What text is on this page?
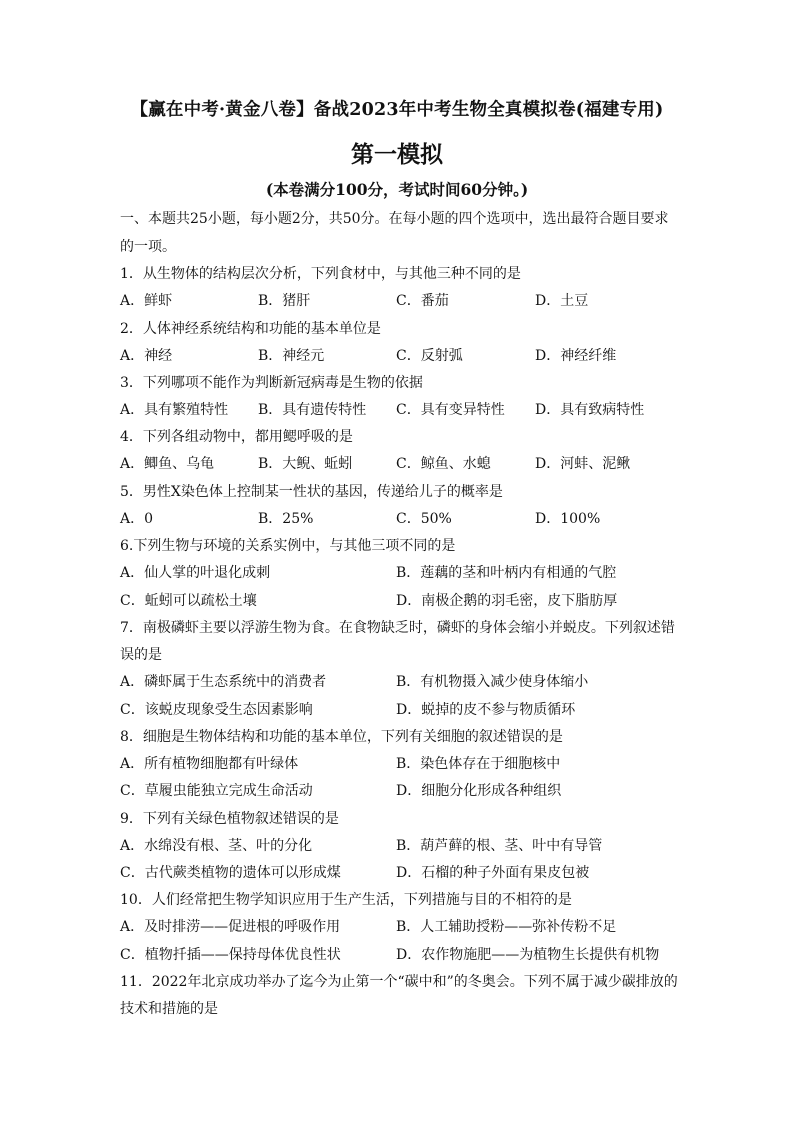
【赢在中考·黄金八卷】备战2023年中考生物全真模拟卷(福建专用)
第一模拟
(本卷满分100分，考试时间60分钟。)
一、本题共25小题，每小题2分，共50分。在每小题的四个选项中，选出最符合题目要求
的一项。
1．从生物体的结构层次分析，下列食材中，与其他三种不同的是
A．鲜虾	B．猪肝	C．番茄	D．土豆
2．人体神经系统结构和功能的基本单位是
A．神经	B．神经元	C．反射弧	D．神经纤维
3．下列哪项不能作为判断新冠病毒是生物的依据
A．具有繁殖特性 B．具有遗传特性 C．具有变异特性 D．具有致病特性
4．下列各组动物中，都用鳃呼吸的是
A．鲫鱼、乌龟	B．大鲵、蚯蚓	C．鲸鱼、水螅	D．河蚌、泥鳅
5．男性X染色体上控制某一性状的基因，传递给儿子的概率是
A．0	B．25%	C．50%	D．100%
6.下列生物与环境的关系实例中，与其他三项不同的是
A．仙人掌的叶退化成刺	B．莲藕的茎和叶柄内有相通的气腔
C．蚯蚓可以疏松土壤	D．南极企鹅的羽毛密，皮下脂肪厚
7．南极磷虾主要以浮游生物为食。在食物缺乏时，磷虾的身体会缩小并蜕皮。下列叙述错
误的是
A．磷虾属于生态系统中的消费者	B．有机物摄入减少使身体缩小
C．该蜕皮现象受生态因素影响	D．蜕掉的皮不参与物质循环
8．细胞是生物体结构和功能的基本单位，下列有关细胞的叙述错误的是
A．所有植物细胞都有叶绿体	B．染色体存在于细胞核中
C．草履虫能独立完成生命活动	D．细胞分化形成各种组织
9．下列有关绿色植物叙述错误的是
A．水绵没有根、茎、叶的分化	B．葫芦藓的根、茎、叶中有导管
C．古代蕨类植物的遗体可以形成煤	D．石榴的种子外面有果皮包被
10．人们经常把生物学知识应用于生产生活，下列措施与目的不相符的是
A．及时排涝——促进根的呼吸作用	B．人工辅助授粉——弥补传粉不足
C．植物扦插——保持母体优良性状	D．农作物施肥——为植物生长提供有机物
11．2022年北京成功举办了迄今为止第一个“碳中和”的冬奥会。下列不属于减少碳排放的
技术和措施的是
